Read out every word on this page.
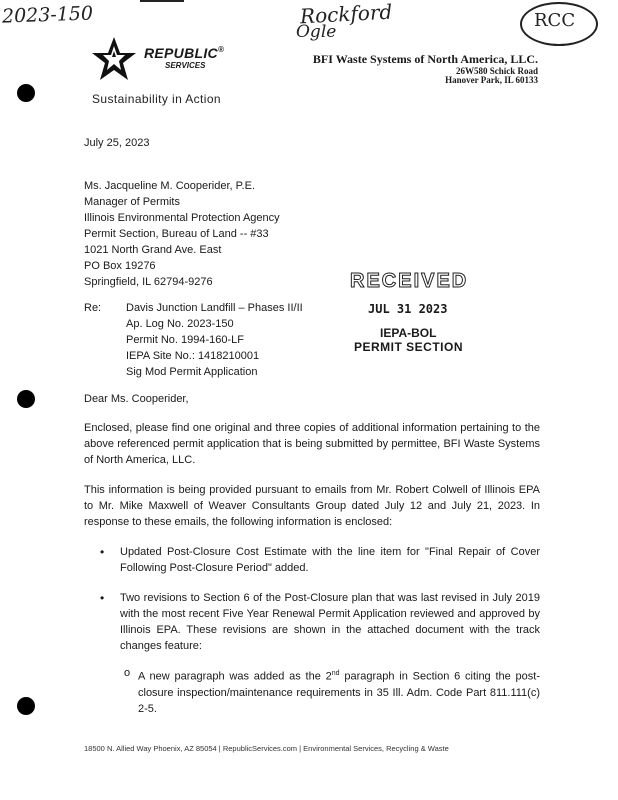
2023-150	Rockford
Ogle
RCC
REPUBLIC®
SERVICES
Sustainability in Action
BFI Waste Systems of North America, LLC.
26W580 Schick Road
Hanover Park, IL 60133
July 25, 2023
Ms. Jacqueline M. Cooperider, P.E.
Manager of Permits
Illinois Environmental Protection Agency
Permit Section, Bureau of Land -- #33
1021 North Grand Ave. East
PO Box 19276
Springfield, IL 62794-9276	RECEIVED
JUL 31 2023
IEPA-BOL
PERMIT SECTION
Re: Davis Junction Landfill – Phases II/II
Ap. Log No. 2023-150
Permit No. 1994-160-LF
IEPA Site No.: 1418210001
Sig Mod Permit Application
Dear Ms. Cooperider,

Enclosed, please find one original and three copies of additional information pertaining to the above referenced permit application that is being submitted by permittee, BFI Waste Systems of North America, LLC.

This information is being provided pursuant to emails from Mr. Robert Colwell of Illinois EPA to Mr. Mike Maxwell of Weaver Consultants Group dated July 12 and July 21, 2023. In response to these emails, the following information is enclosed:

• Updated Post-Closure Cost Estimate with the line item for "Final Repair of Cover Following Post-Closure Period" added.
• Two revisions to Section 6 of the Post-Closure plan that was last revised in July 2019 with the most recent Five Year Renewal Permit Application reviewed and approved by Illinois EPA. These revisions are shown in the attached document with the track changes feature:

o A new paragraph was added as the 2nd paragraph in Section 6 citing the post-closure inspection/maintenance requirements in 35 Ill. Adm. Code Part 811.111(c) 2-5.

18500 N. Allied Way Phoenix, AZ 85054 | RepublicServices.com | Environmental Services, Recycling & Waste
